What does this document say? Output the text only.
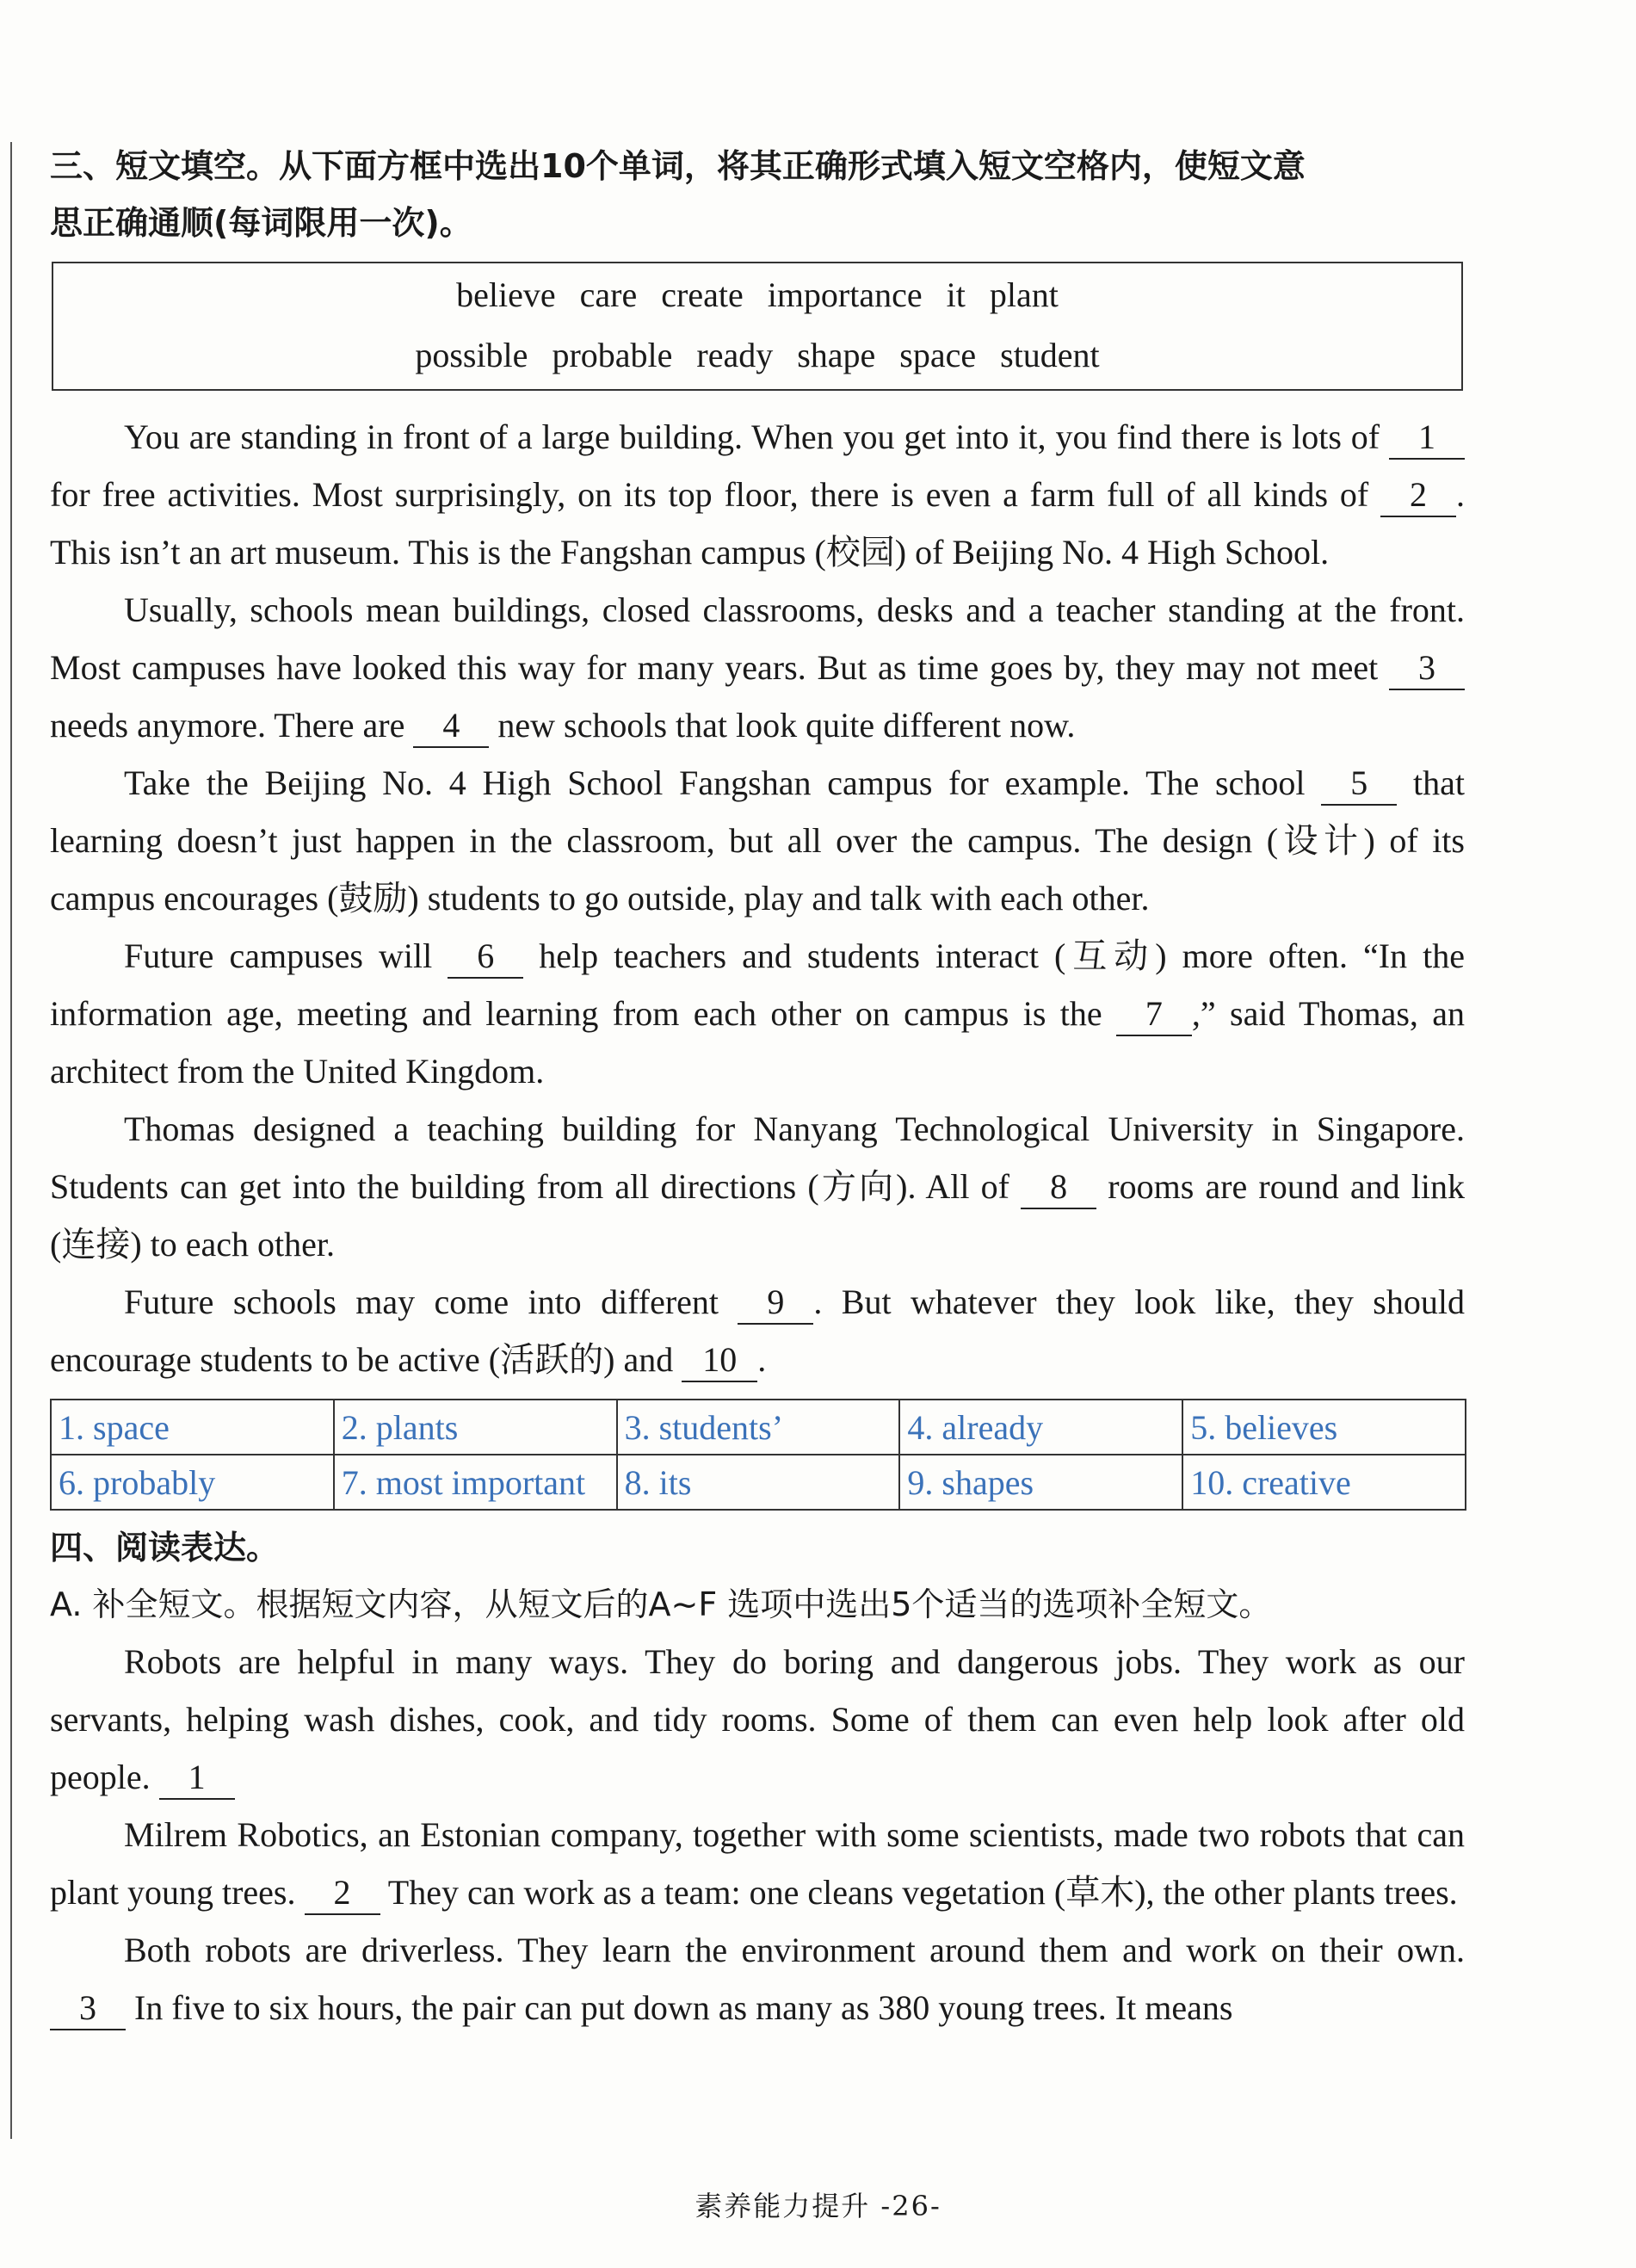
三、短文填空。从下面方框中选出10个单词，将其正确形式填入短文空格内，使短文意
思正确通顺(每词限用一次)。
believe care create importance it plant
possible probable ready shape space student

You are standing in front of a large building. When you get into it, you find there is lots of 1 for free activities. Most surprisingly, on its top floor, there is even a farm full of all kinds of 2 . This isn’t an art museum. This is the Fangshan campus (校园) of Beijing No. 4 High School.

Usually, schools mean buildings, closed classrooms, desks and a teacher standing at the front. Most campuses have looked this way for many years. But as time goes by, they may not meet 3 needs anymore. There are 4 new schools that look quite different now.

Take the Beijing No. 4 High School Fangshan campus for example. The school 5 that learning doesn’t just happen in the classroom, but all over the campus. The design (设计) of its campus encourages (鼓励) students to go outside, play and talk with each other.

Future campuses will 6 help teachers and students interact (互动) more often. “In the information age, meeting and learning from each other on campus is the 7 ,” said Thomas, an architect from the United Kingdom.

Thomas designed a teaching building for Nanyang Technological University in Singapore. Students can get into the building from all directions (方向). All of 8 rooms are round and link (连接) to each other.

Future schools may come into different 9 . But whatever they look like, they should encourage students to be active (活跃的) and 10 .

1. space	2. plants	3. students’	4. already	5. believes
6. probably	7. most important	8. its	9. shapes	10. creative
四、阅读表达。
A. 补全短文。根据短文内容，从短文后的A~F 选项中选出5个适当的选项补全短文。

Robots are helpful in many ways. They do boring and dangerous jobs. They work as our servants, helping wash dishes, cook, and tidy rooms. Some of them can even help look after old people. 1

Milrem Robotics, an Estonian company, together with some scientists, made two robots that can plant young trees. 2 They can work as a team: one cleans vegetation (草木), the other plants trees.

Both robots are driverless. They learn the environment around them and work on their own. 3 In five to six hours, the pair can put down as many as 380 young trees. It means

素养能力提升 -26-
